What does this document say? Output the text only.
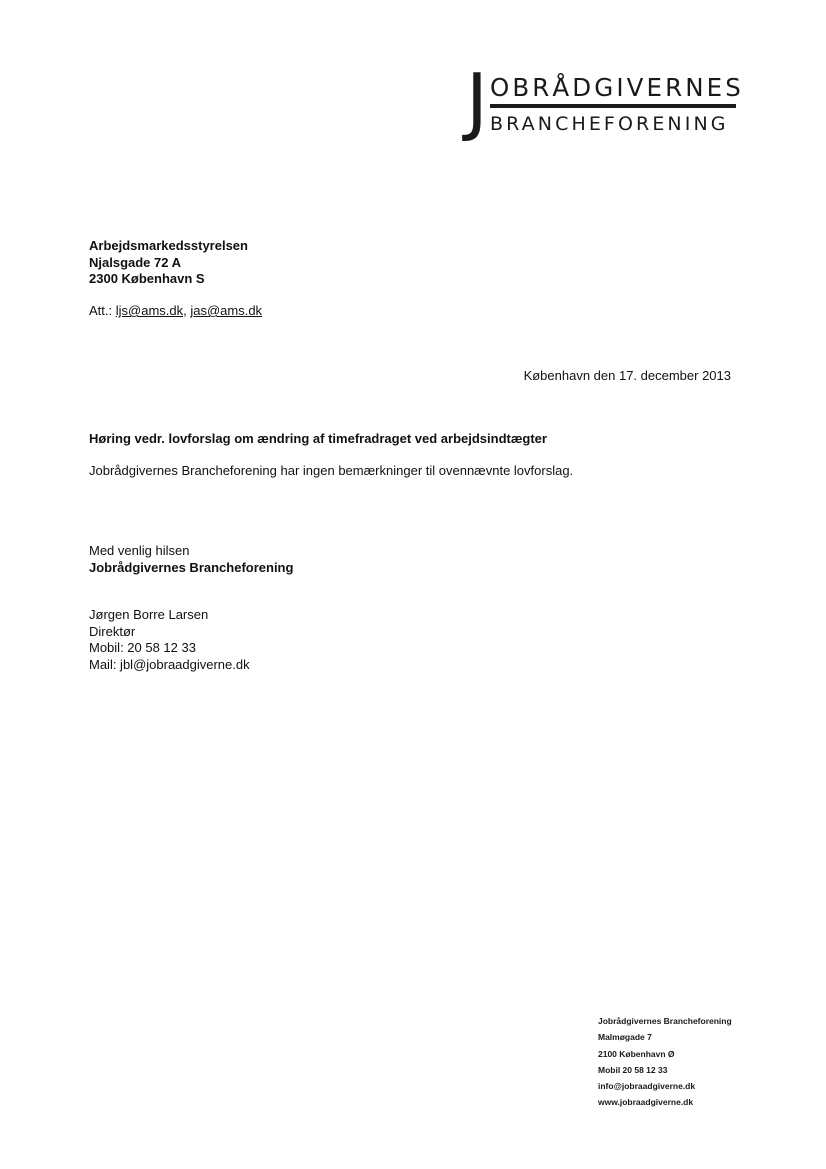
J OBRÅDGIVERNES
BRANCHEFORENING
Arbejdsmarkedsstyrelsen
Njalsgade 72 A
2300 København S
Att.: ljs@ams.dk, jas@ams.dk
København den 17. december 2013
Høring vedr. lovforslag om ændring af timefradraget ved arbejdsindtægter
Jobrådgivernes Brancheforening har ingen bemærkninger til ovennævnte lovforslag.
Med venlig hilsen
Jobrådgivernes Brancheforening
Jørgen Borre Larsen
Direktør
Mobil: 20 58 12 33
Mail: jbl@jobraadgiverne.dk
Jobrådgivernes Brancheforening
Malmøgade 7
2100 København Ø
Mobil 20 58 12 33
info@jobraadgiverne.dk
www.jobraadgiverne.dk
